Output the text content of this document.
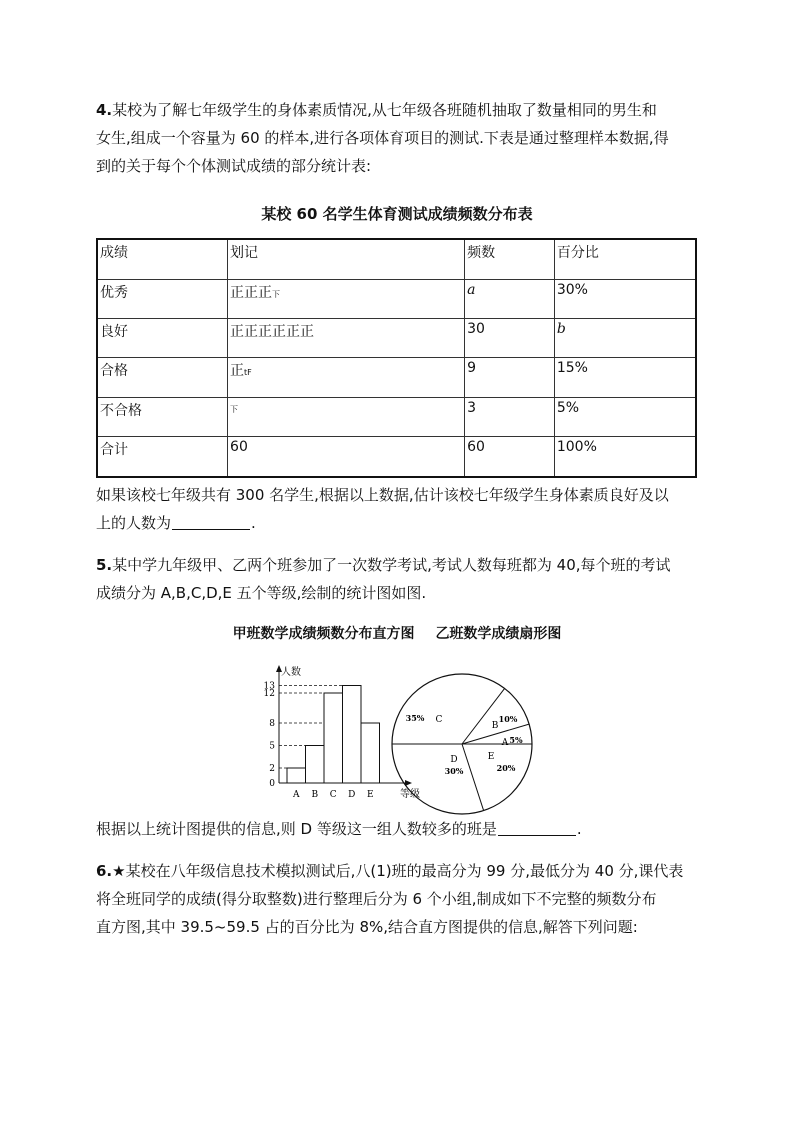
4.某校为了解七年级学生的身体素质情况,从七年级各班随机抽取了数量相同的男生和
女生,组成一个容量为 60 的样本,进行各项体育项目的测试.下表是通过整理样本数据,得
到的关于每个个体测试成绩的部分统计表:
某校 60 名学生体育测试成绩频数分布表
成绩	划记	频数	百分比
优秀	正正正下	a	30%
良好	正正正正正正	30	b
合格	正tF	9	15%
不合格	下	3	5%
合计	60	60	100%
如果该校七年级共有 300 名学生,根据以上数据,估计该校七年级学生身体素质良好及以
上的人数为	.
5.某中学九年级甲、乙两个班参加了一次数学考试,考试人数每班都为 40,每个班的考试
成绩分为 A,B,C,D,E 五个等级,绘制的统计图如图.
甲班数学成绩频数分布直方图 乙班数学成绩扇形图
人数
等级
0
2
5
8
12
13
A B C D E
A 5%
B
10%
C
35%
D
30%
E
20%
根据以上统计图提供的信息,则 D 等级这一组人数较多的班是	.
6.★某校在八年级信息技术模拟测试后,八(1)班的最高分为 99 分,最低分为 40 分,课代表
将全班同学的成绩(得分取整数)进行整理后分为 6 个小组,制成如下不完整的频数分布
直方图,其中 39.5~59.5 占的百分比为 8%,结合直方图提供的信息,解答下列问题:
